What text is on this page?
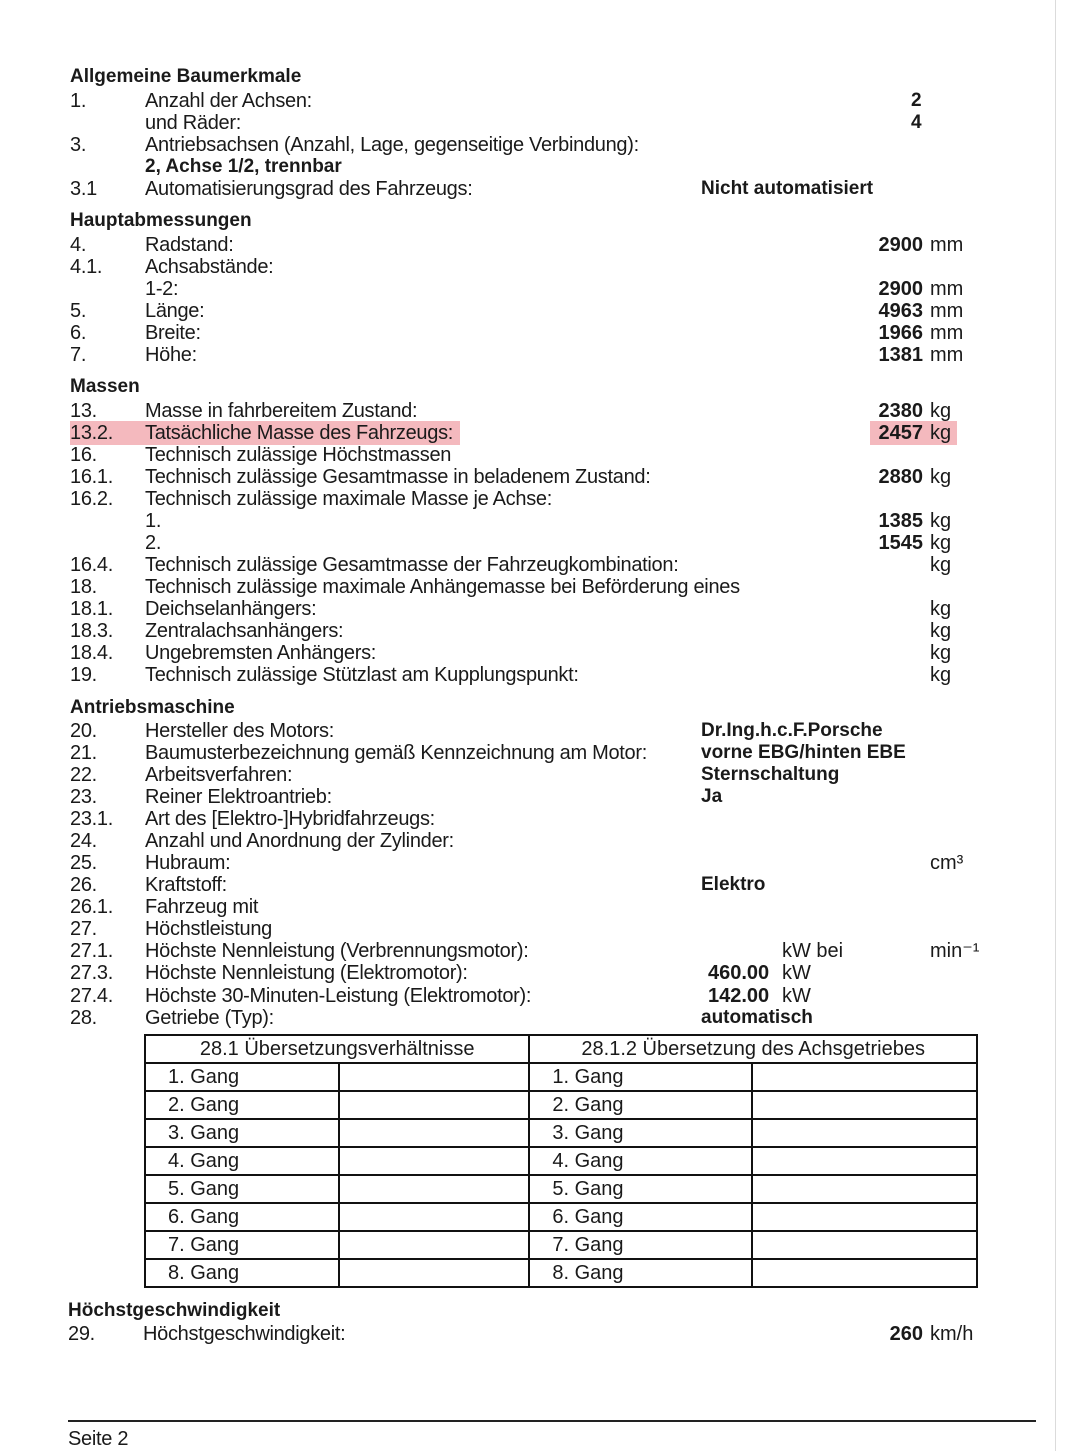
Allgemeine Baumerkmale
1.	Anzahl der Achsen:	2
und Räder:	4
3.	Antriebsachsen (Anzahl, Lage, gegenseitige Verbindung):
2, Achse 1/2, trennbar
3.1 Automatisierungsgrad des Fahrzeugs:	Nicht automatisiert
Hauptabmessungen
4.	Radstand:	2900 mm
4.1. Achsabstände:
1-2:	2900 mm
5.	Länge:	4963 mm
6.	Breite:	1966 mm
7.	Höhe:	1381 mm
Massen
13. Masse in fahrbereitem Zustand:	2380 kg
13.2. Tatsächliche Masse des Fahrzeugs:	2457 kg
16. Technisch zulässige Höchstmassen
16.1. Technisch zulässige Gesamtmasse in beladenem Zustand:	2880 kg
16.2. Technisch zulässige maximale Masse je Achse:
1.	1385 kg
2.	1545 kg
16.4. Technisch zulässige Gesamtmasse der Fahrzeugkombination:	kg
18. Technisch zulässige maximale Anhängemasse bei Beförderung eines
18.1. Deichselanhängers:	kg
18.3. Zentralachsanhängers:	kg
18.4. Ungebremsten Anhängers:	kg
19. Technisch zulässige Stützlast am Kupplungspunkt:	kg
Antriebsmaschine
20. Hersteller des Motors:	Dr.Ing.h.c.F.Porsche
21. Baumusterbezeichnung gemäß Kennzeichnung am Motor:	vorne EBG/hinten EBE
22. Arbeitsverfahren:	Sternschaltung
23. Reiner Elektroantrieb:	Ja
23.1. Art des [Elektro-]Hybridfahrzeugs:
24. Anzahl und Anordnung der Zylinder:
25. Hubraum:	cm³
26. Kraftstoff:	Elektro
26.1. Fahrzeug mit
27. Höchstleistung
27.1. Höchste Nennleistung (Verbrennungsmotor):	kW bei	min⁻¹
27.3. Höchste Nennleistung (Elektromotor):	460.00 kW
27.4. Höchste 30-Minuten-Leistung (Elektromotor):	142.00 kW
28. Getriebe (Typ):	automatisch
28.1 Übersetzungsverhältnisse		28.1.2 Übersetzung des Achsgetriebes	
1. Gang		1. Gang	
2. Gang		2. Gang	
3. Gang		3. Gang	
4. Gang		4. Gang	
5. Gang		5. Gang	
6. Gang		6. Gang	
7. Gang		7. Gang	
8. Gang		8. Gang	
Höchstgeschwindigkeit
29. Höchstgeschwindigkeit:	260 km/h
Seite 2
